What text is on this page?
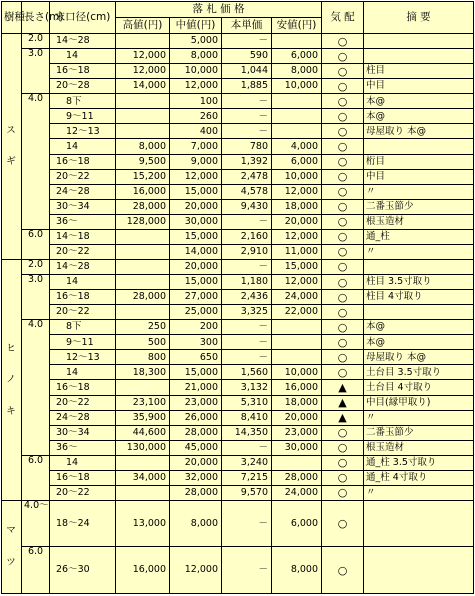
樹種	長さ(m)	末口径(cm)	落 札 価 格				気 配	摘 要
			高値(円)	中値(円)	本単価	安値(円)		

ス
ギ	2.0	14～28		5,000	－		○	
	3.0	14	12,000	8,000	590	6,000	○	
		16～18	12,000	10,000	1,044	8,000	○	柱目
		20～28	14,000	12,000	1,885	10,000	○	中目
	4.0	8下		100	－		○	本@
		9～11		260	－		○	本@
		12～13		400	－		○	母屋取り 本@
		14	8,000	7,000	780	4,000	○	
		16～18	9,500	9,000	1,392	6,000	○	桁目
		20～22	15,200	12,000	2,478	10,000	○	中目
		24～28	16,000	15,000	4,578	12,000	○	〃
		30～34	28,000	20,000	9,430	18,000	○	二番玉節少
		36～	128,000	30,000	－	20,000	○	根玉造材
	6.0	14～18		15,000	2,160	12,000	○	通_柱
		20～22		14,000	2,910	11,000	○	〃

ヒ
ノ
キ	2.0	14～28		20,000	－	15,000	○	
	3.0	14		15,000	1,180	12,000	○	柱目 3.5寸取り
		16～18	28,000	27,000	2,436	24,000	○	柱目 4寸取り
		20～22		25,000	3,325	22,000	○	
	4.0	8下	250	200	－		○	本@
		9～11	500	300	－		○	本@
		12～13	800	650	－		○	母屋取り 本@
		14	18,300	15,000	1,560	10,000	○	土台目 3.5寸取り
		16～18		21,000	3,132	16,000	▲	土台目 4寸取り
		20～22	23,100	23,000	5,310	18,000	▲	中目(縁甲取り)
		24～28	35,900	26,000	8,410	20,000	▲	〃
		30～34	44,600	28,000	14,350	23,000	○	二番玉節少
		36～	130,000	45,000	－	30,000	○	根玉造材
	6.0	14		20,000	3,240		○	通_柱 3.5寸取り
		16～18	34,000	32,000	7,215	28,000	○	通_柱 4寸取り
		20～22		28,000	9,570	24,000	○	〃

マ
ツ	4.0～	18～24	13,000	8,000	－	6,000	○	
	6.0	26～30	16,000	12,000	－	8,000	○	
